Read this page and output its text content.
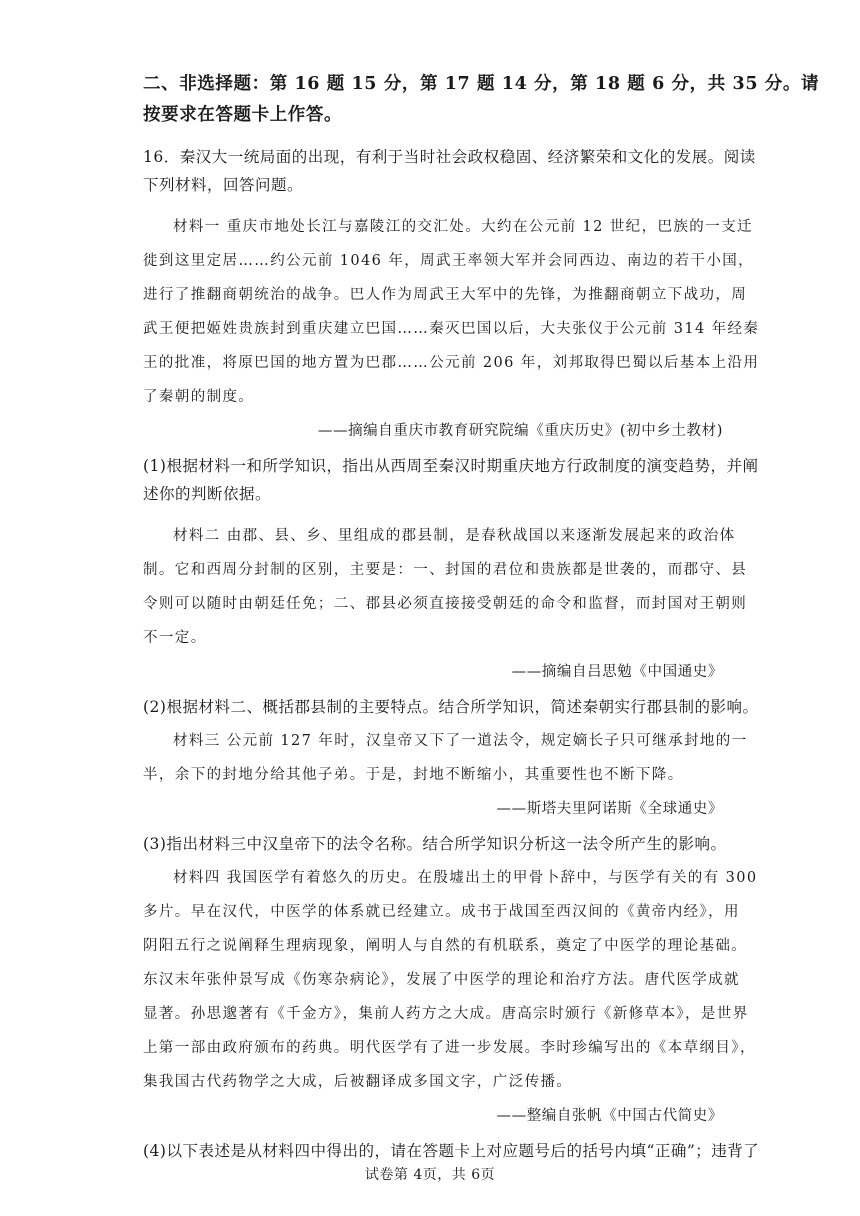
二、非选择题：第 16 题 15 分，第 17 题 14 分，第 18 题 6 分，共 35 分。请
按要求在答题卡上作答。
16．秦汉大一统局面的出现，有利于当时社会政权稳固、经济繁荣和文化的发展。阅读
下列材料，回答问题。
材料一 重庆市地处长江与嘉陵江的交汇处。大约在公元前 12 世纪，巴族的一支迁
徙到这里定居……约公元前 1046 年，周武王率领大军并会同西边、南边的若干小国，
进行了推翻商朝统治的战争。巴人作为周武王大军中的先锋，为推翻商朝立下战功，周
武王便把姬姓贵族封到重庆建立巴国……秦灭巴国以后，大夫张仪于公元前 314 年经秦
王的批准，将原巴国的地方置为巴郡……公元前 206 年，刘邦取得巴蜀以后基本上沿用
了秦朝的制度。
——摘编自重庆市教育研究院编《重庆历史》(初中乡土教材)
(1)根据材料一和所学知识，指出从西周至秦汉时期重庆地方行政制度的演变趋势，并阐
述你的判断依据。
材料二 由郡、县、乡、里组成的郡县制，是春秋战国以来逐渐发展起来的政治体
制。它和西周分封制的区别，主要是：一、封国的君位和贵族都是世袭的，而郡守、县
令则可以随时由朝廷任免；二、郡县必须直接接受朝廷的命令和监督，而封国对王朝则
不一定。
——摘编自吕思勉《中国通史》
(2)根据材料二、概括郡县制的主要特点。结合所学知识，简述秦朝实行郡县制的影响。
材料三 公元前 127 年时，汉皇帝又下了一道法令，规定嫡长子只可继承封地的一
半，余下的封地分给其他子弟。于是，封地不断缩小，其重要性也不断下降。
——斯塔夫里阿诺斯《全球通史》
(3)指出材料三中汉皇帝下的法令名称。结合所学知识分析这一法令所产生的影响。
材料四 我国医学有着悠久的历史。在殷墟出土的甲骨卜辞中，与医学有关的有 300
多片。早在汉代，中医学的体系就已经建立。成书于战国至西汉间的《黄帝内经》，用
阴阳五行之说阐释生理病现象，阐明人与自然的有机联系，奠定了中医学的理论基础。
东汉末年张仲景写成《伤寒杂病论》，发展了中医学的理论和治疗方法。唐代医学成就
显著。孙思邈著有《千金方》，集前人药方之大成。唐高宗时颁行《新修草本》，是世界
上第一部由政府颁布的药典。明代医学有了进一步发展。李时珍编写出的《本草纲目》，
集我国古代药物学之大成，后被翻译成多国文字，广泛传播。
——整编自张帆《中国古代简史》
(4)以下表述是从材料四中得出的，请在答题卡上对应题号后的括号内填“正确”；违背了
试卷第 4页，共 6页
